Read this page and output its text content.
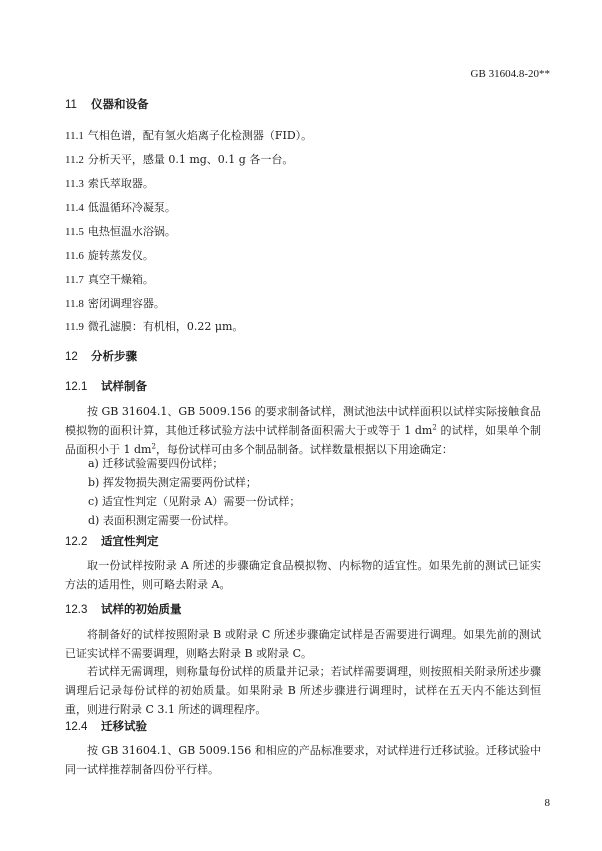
GB 31604.8-20**
11 仪器和设备
11.1 气相色谱，配有氢火焰离子化检测器（FID）。
11.2 分析天平，感量 0.1 mg、0.1 g 各一台。
11.3 索氏萃取器。
11.4 低温循环冷凝泵。
11.5 电热恒温水浴锅。
11.6 旋转蒸发仪。
11.7 真空干燥箱。
11.8 密闭调理容器。
11.9 微孔滤膜：有机相，0.22 μm。
12 分析步骤
12.1 试样制备
按 GB 31604.1、GB 5009.156 的要求制备试样，测试池法中试样面积以试样实际接触食品模拟物的面积计算，其他迁移试验方法中试样制备面积需大于或等于 1 $dm^2$ 的试样，如果单个制品面积小于 1 $dm^2$，每份试样可由多个制品制备。试样数量根据以下用途确定：
a) 迁移试验需要四份试样；
b) 挥发物损失测定需要两份试样；
c) 适宜性判定（见附录 A）需要一份试样；
d) 表面积测定需要一份试样。
12.2 适宜性判定
取一份试样按附录 A 所述的步骤确定食品模拟物、内标物的适宜性。如果先前的测试已证实方法的适用性，则可略去附录 A。
12.3 试样的初始质量
将制备好的试样按照附录 B 或附录 C 所述步骤确定试样是否需要进行调理。如果先前的测试已证实试样不需要调理，则略去附录 B 或附录 C。
若试样无需调理，则称量每份试样的质量并记录；若试样需要调理，则按照相关附录所述步骤调理后记录每份试样的初始质量。如果附录 B 所述步骤进行调理时，试样在五天内不能达到恒重，则进行附录 C 3.1 所述的调理程序。
12.4 迁移试验
按 GB 31604.1、GB 5009.156 和相应的产品标准要求，对试样进行迁移试验。迁移试验中同一试样推荐制备四份平行样。
8
